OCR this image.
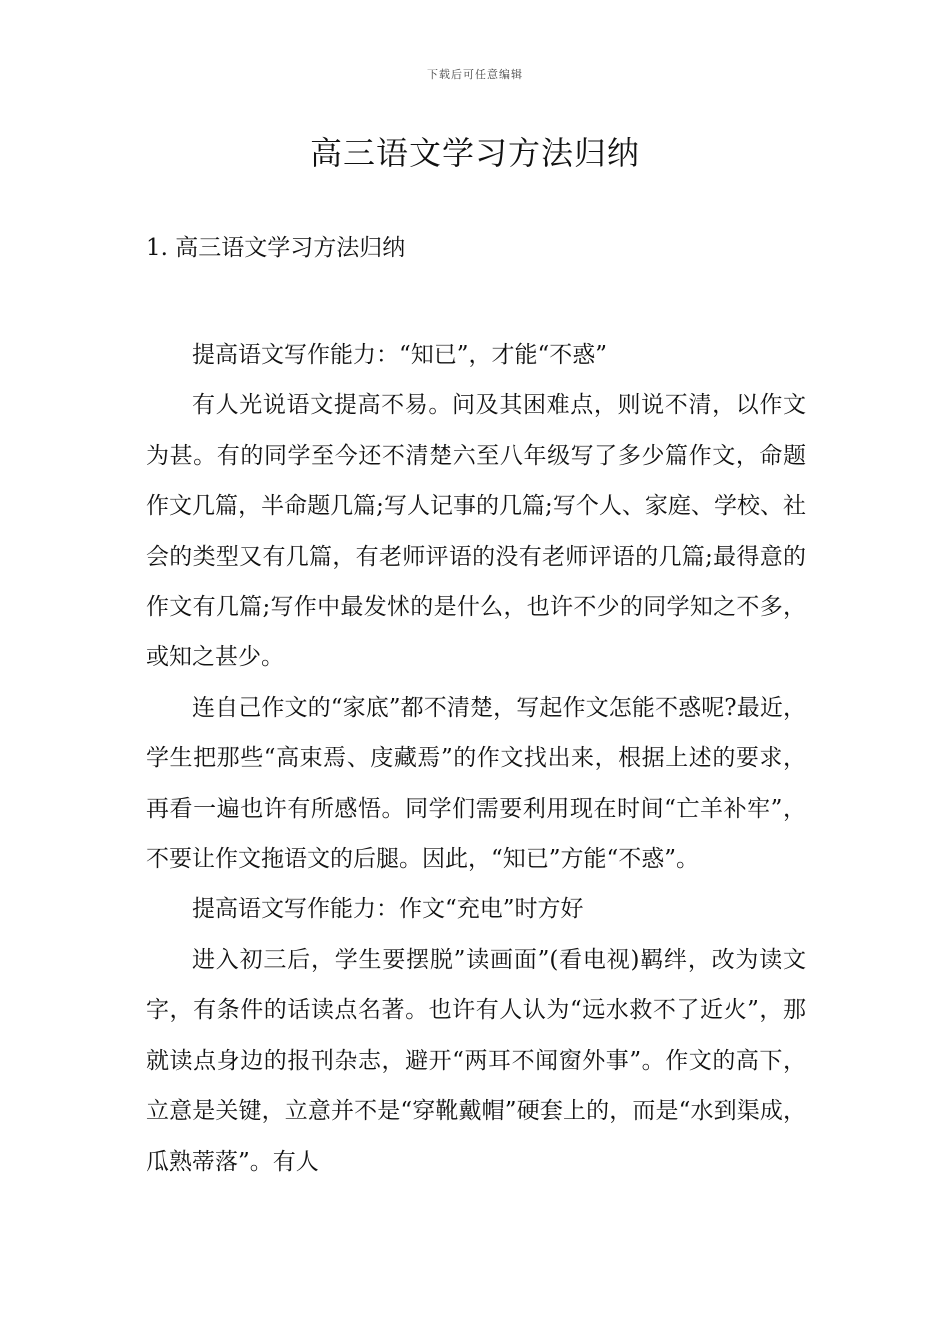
下载后可任意编辑
高三语文学习方法归纳
1. 高三语文学习方法归纳

提高语文写作能力：“知已”，才能“不惑”

有人光说语文提高不易。问及其困难点，则说不清，以作文为甚。有的同学至今还不清楚六至八年级写了多少篇作文，命题作文几篇，半命题几篇;写人记事的几篇;写个人、家庭、学校、社会的类型又有几篇，有老师评语的没有老师评语的几篇;最得意的作文有几篇;写作中最发怵的是什么，也许不少的同学知之不多，或知之甚少。

连自己作文的“家底”都不清楚，写起作文怎能不惑呢?最近，学生把那些“高束焉、庋藏焉”的作文找出来，根据上述的要求，再看一遍也许有所感悟。同学们需要利用现在时间“亡羊补牢”，不要让作文拖语文的后腿。因此，“知已”方能“不惑”。

提高语文写作能力：作文“充电”时方好

进入初三后，学生要摆脱”读画面”(看电视)羁绊，改为读文字，有条件的话读点名著。也许有人认为“远水救不了近火”，那就读点身边的报刊杂志，避开“两耳不闻窗外事”。作文的高下，立意是关键，立意并不是“穿靴戴帽”硬套上的，而是“水到渠成，瓜熟蒂落”。有人
